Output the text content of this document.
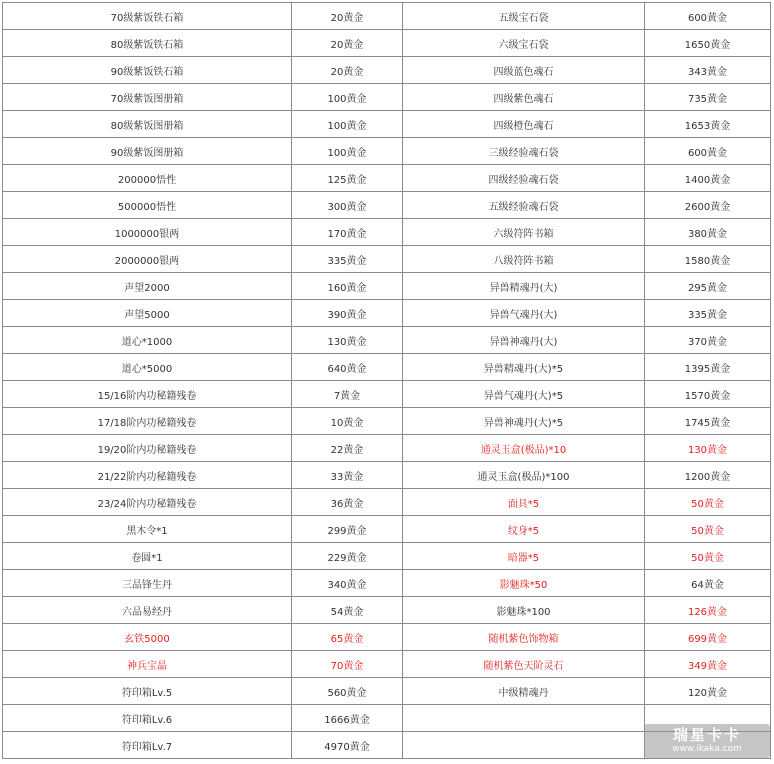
70级紫饭铁石箱	20黄金	五级宝石袋	600黄金
80级紫饭铁石箱	20黄金	六级宝石袋	1650黄金
90级紫饭铁石箱	20黄金	四级蓝色魂石	343黄金
70级紫饭图册箱	100黄金	四级紫色魂石	735黄金
80级紫饭图册箱	100黄金	四级橙色魂石	1653黄金
90级紫饭图册箱	100黄金	三级经验魂石袋	600黄金
200000悟性	125黄金	四级经验魂石袋	1400黄金
500000悟性	300黄金	五级经验魂石袋	2600黄金
1000000银两	170黄金	六级符阵书箱	380黄金
2000000银两	335黄金	八级符阵书箱	1580黄金
声望2000	160黄金	异兽精魂丹(大)	295黄金
声望5000	390黄金	异兽气魂丹(大)	335黄金
道心*1000	130黄金	异兽神魂丹(大)	370黄金
道心*5000	640黄金	异兽精魂丹(大)*5	1395黄金
15/16阶内功秘籍残卷	7黄金	异兽气魂丹(大)*5	1570黄金
17/18阶内功秘籍残卷	10黄金	异兽神魂丹(大)*5	1745黄金
19/20阶内功秘籍残卷	22黄金	通灵玉盒(极品)*10	130黄金
21/22阶内功秘籍残卷	33黄金	通灵玉盒(极品)*100	1200黄金
23/24阶内功秘籍残卷	36黄金	面具*5	50黄金
黑木令*1	299黄金	纹身*5	50黄金
卷圆*1	229黄金	暗器*5	50黄金
三品锋生丹	340黄金	影魅珠*50	64黄金
六品易经丹	54黄金	影魅珠*100	126黄金
玄铁5000	65黄金	随机紫色饰物箱	699黄金
神兵宝晶	70黄金	随机紫色天阶灵石	349黄金
符印箱Lv.5	560黄金	中级精魂丹	120黄金
符印箱Lv.6	1666黄金		
符印箱Lv.7	4970黄金		
瑞星卡卡
www.ikaka.com
